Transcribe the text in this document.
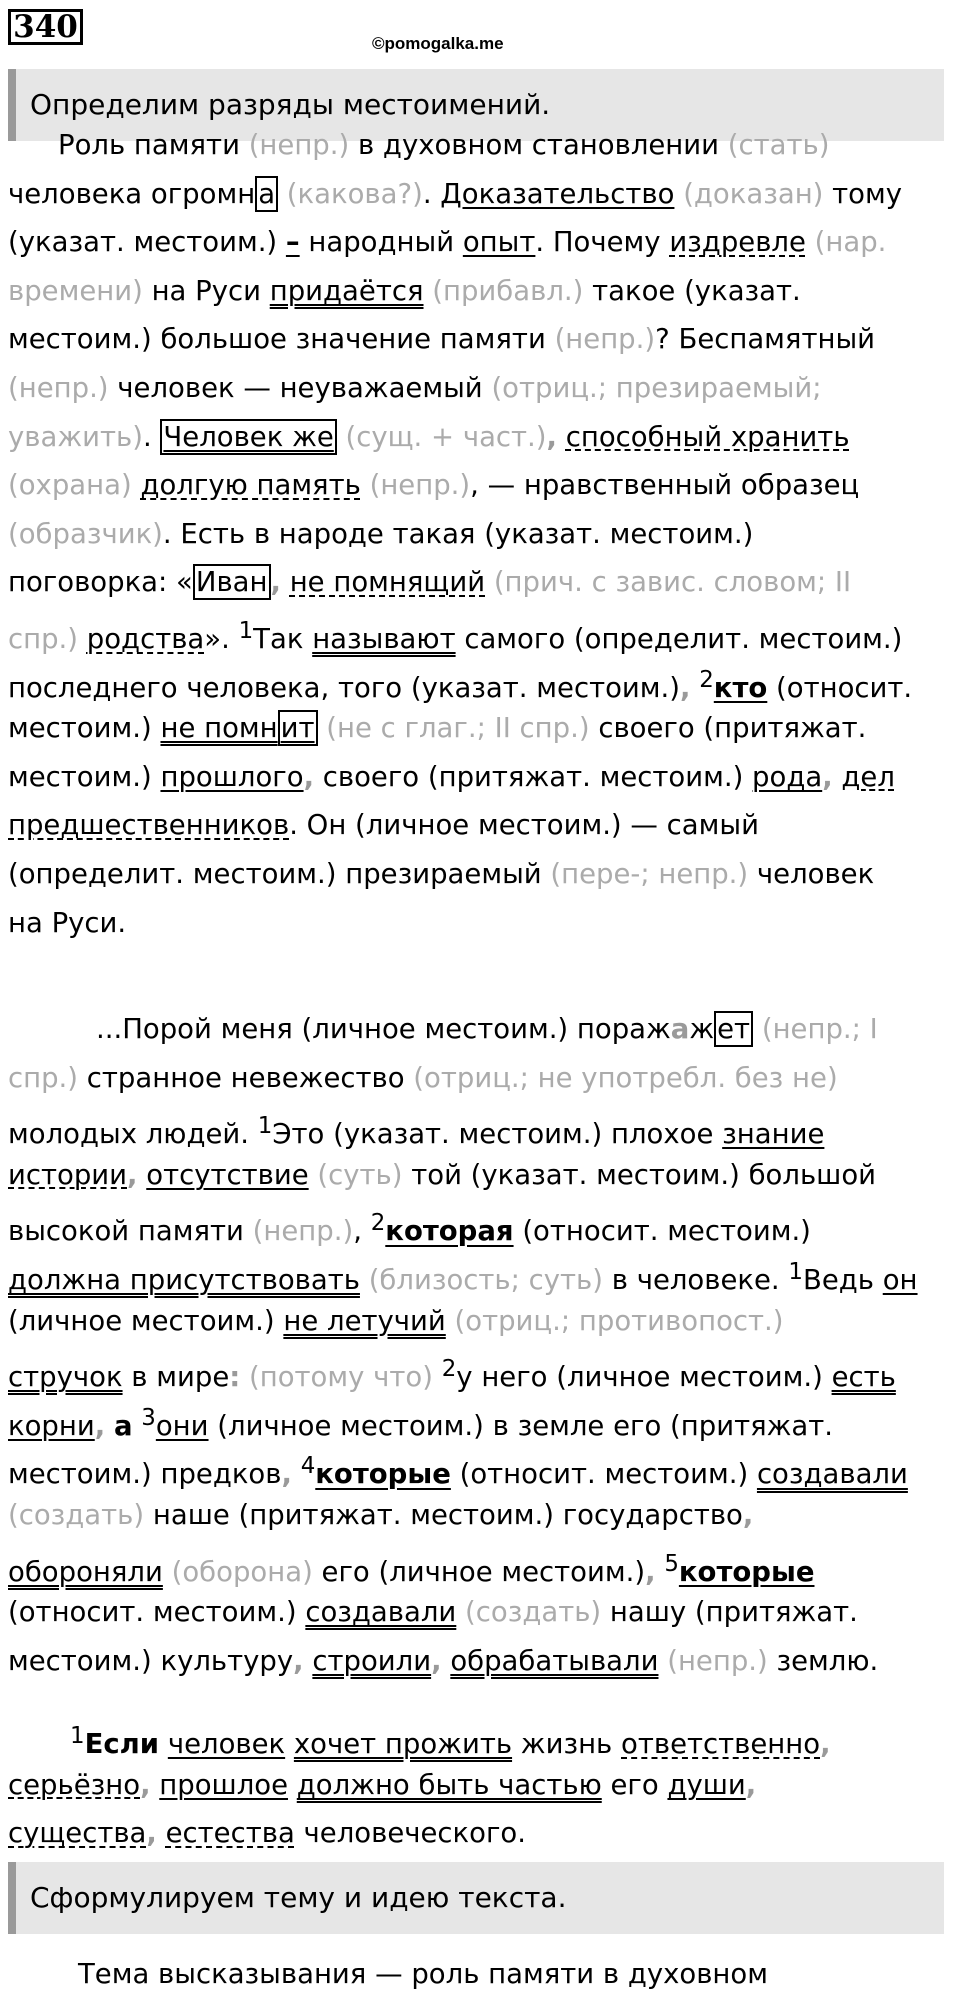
340	©pomogalka.me
Определим разряды местоимений.
Роль памяти (непр.) в духовном становлении (стать)
человека огромн а (какова?). Доказательство (доказан) тому
(указат. местоим.) – народный опыт. Почему издревле (нар.
времени) на Руси придаётся (прибавл.) такое (указат.
местоим.) большое значение памяти (непр.)? Беспамятный
(непр.) человек — неуважаемый (отриц.; презираемый;
уважить). Человек же (сущ. + част.), способный хранить
(охрана) долгую память (непр.), — нравственный образец
(образчик). Есть в народе такая (указат. местоим.)
поговорка: « Иван , не помнящий (прич. с завис. словом; II
спр.) родства». $^1$Так называют самого (определит. местоим.)
последнего человека, того (указат. местоим.), $^2$кто (относит.
местоим.) не помн ит (не с глаг.; II спр.) своего (притяжат.
местоим.) прошлого, своего (притяжат. местоим.) рода, дел
предшественников. Он (личное местоим.) — самый
(определит. местоим.) презираемый (пере-; непр.) человек
на Руси.
...Порой меня (личное местоим.) поражаж ет (непр.; I
спр.) странное невежество (отриц.; не употребл. без не)
молодых людей. $^1$Это (указат. местоим.) плохое знание
истории, отсутствие (суть) той (указат. местоим.) большой
высокой памяти (непр.), $^2$которая (относит. местоим.)
должна присутствовать (близость; суть) в человеке. $^1$Ведь он
(личное местоим.) не летучий (отриц.; противопост.)
стручок в мире: (потому что) $^2$у него (личное местоим.) есть
корни, а $^3$они (личное местоим.) в земле его (притяжат.
местоим.) предков, $^4$которые (относит. местоим.) создавали
(создать) наше (притяжат. местоим.) государство,
обороняли (оборона) его (личное местоим.), $^5$которые
(относит. местоим.) создавали (создать) нашу (притяжат.
местоим.) культуру, строили, обрабатывали (непр.) землю.
$^1$Если человек хочет прожить жизнь ответственно,
серьёзно, прошлое должно быть частью его души,
существа, естества человеческого.
Сформулируем тему и идею текста.
Тема высказывания — роль памяти в духовном
